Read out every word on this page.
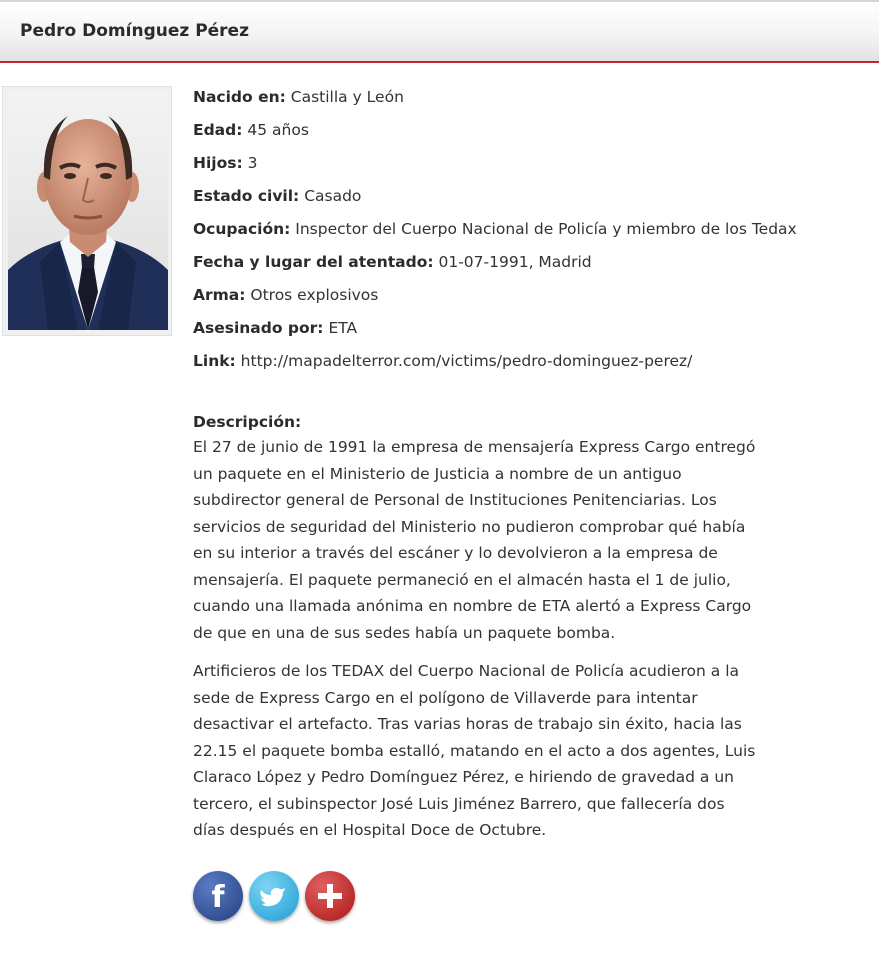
Pedro Domínguez Pérez
Nacido en: Castilla y León
Edad: 45 años
Hijos: 3
Estado civil: Casado
Ocupación: Inspector del Cuerpo Nacional de Policía y miembro de los Tedax
Fecha y lugar del atentado: 01-07-1991, Madrid
Arma: Otros explosivos
Asesinado por: ETA
Link: http://mapadelterror.com/victims/pedro-dominguez-perez/
Descripción:

El 27 de junio de 1991 la empresa de mensajería Express Cargo entregó un paquete en el Ministerio de Justicia a nombre de un antiguo subdirector general de Personal de Instituciones Penitenciarias. Los servicios de seguridad del Ministerio no pudieron comprobar qué había en su interior a través del escáner y lo devolvieron a la empresa de mensajería. El paquete permaneció en el almacén hasta el 1 de julio, cuando una llamada anónima en nombre de ETA alertó a Express Cargo de que en una de sus sedes había un paquete bomba.

Artificieros de los TEDAX del Cuerpo Nacional de Policía acudieron a la sede de Express Cargo en el polígono de Villaverde para intentar desactivar el artefacto. Tras varias horas de trabajo sin éxito, hacia las 22.15 el paquete bomba estalló, matando en el acto a dos agentes, Luis Claraco López y Pedro Domínguez Pérez, e hiriendo de gravedad a un tercero, el subinspector José Luis Jiménez Barrero, que fallecería dos días después en el Hospital Doce de Octubre.

f
